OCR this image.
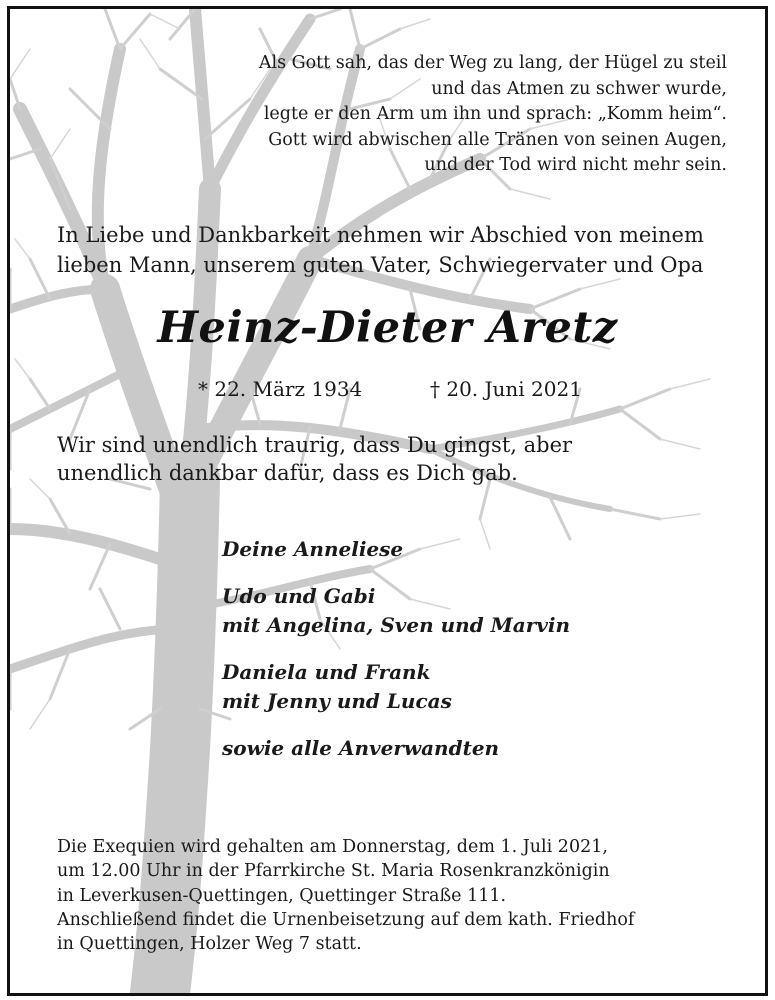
Als Gott sah, das der Weg zu lang, der Hügel zu steil
und das Atmen zu schwer wurde,
legte er den Arm um ihn und sprach: „Komm heim“.
Gott wird abwischen alle Tränen von seinen Augen,
und der Tod wird nicht mehr sein.
In Liebe und Dankbarkeit nehmen wir Abschied von meinem
lieben Mann, unserem guten Vater, Schwiegervater und Opa
Heinz-Dieter Aretz
* 22. März 1934	† 20. Juni 2021
Wir sind unendlich traurig, dass Du gingst, aber
unendlich dankbar dafür, dass es Dich gab.
Deine Anneliese
Udo und Gabi
mit Angelina, Sven und Marvin
Daniela und Frank
mit Jenny und Lucas
sowie alle Anverwandten
Die Exequien wird gehalten am Donnerstag, dem 1. Juli 2021,
um 12.00 Uhr in der Pfarrkirche St. Maria Rosenkranzkönigin
in Leverkusen-Quettingen, Quettinger Straße 111.
Anschließend findet die Urnenbeisetzung auf dem kath. Friedhof
in Quettingen, Holzer Weg 7 statt.
